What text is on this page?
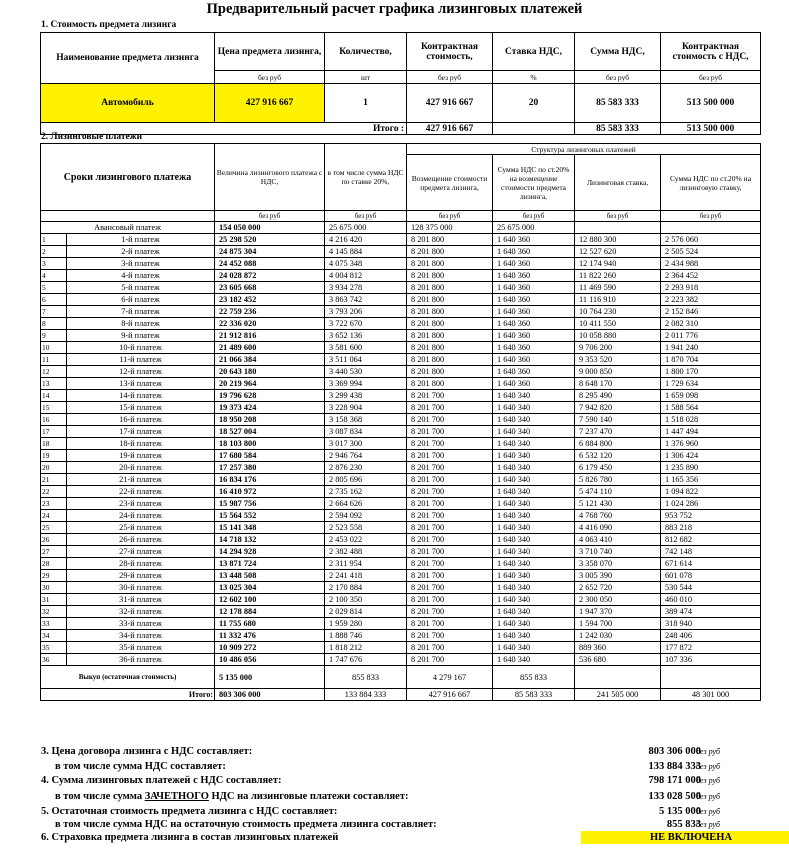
Предварительный расчет графика лизинговых платежей
1. Стоимость предмета лизинга
Наименование предмета лизинга	Цена предмета лизинга,	Количество,	Контрактная стоимость,	Ставка НДС,	Сумма НДС,	Контрактная стоимость с НДС,
	без руб	шт	без руб	%	без руб	без руб
Автомобиль	427 916 667	1	427 916 667	20	85 583 333	513 500 000
Итого :			427 916 667		85 583 333	513 500 000
2. Лизинговые платежи
Сроки лизингового платежа		Величина лизингового платежа с НДС,	в том числе сумма НДС по ставке 20%,	Структура лизинговых платежей			
				Возмещение стоимости предмета лизинга,	Сумма НДС по ст.20% на возмещение стоимости предмета лизинга,	Лизинговая ставка,	Сумма НДС по ст.20% на лизинговую ставку,
		без руб	без руб	без руб	без руб	без руб	без руб
Авансовый платеж		154 050 000	25 675 000	128 375 000	25 675 000		
1	1-й платеж	25 298 520	4 216 420	8 201 800	1 640 360	12 880 300	2 576 060
2	2-й платеж	24 875 304	4 145 884	8 201 800	1 640 360	12 527 620	2 505 524
3	3-й платеж	24 452 088	4 075 348	8 201 800	1 640 360	12 174 940	2 434 988
4	4-й платеж	24 028 872	4 004 812	8 201 800	1 640 360	11 822 260	2 364 452
5	5-й платеж	23 605 668	3 934 278	8 201 800	1 640 360	11 469 590	2 293 918
6	6-й платеж	23 182 452	3 863 742	8 201 800	1 640 360	11 116 910	2 223 382
7	7-й платеж	22 759 236	3 793 206	8 201 800	1 640 360	10 764 230	2 152 846
8	8-й платеж	22 336 020	3 722 670	8 201 800	1 640 360	10 411 550	2 082 310
9	9-й платеж	21 912 816	3 652 136	8 201 800	1 640 360	10 058 880	2 011 776
10	10-й платеж	21 489 600	3 581 600	8 201 800	1 640 360	9 706 200	1 941 240
11	11-й платеж	21 066 384	3 511 064	8 201 800	1 640 360	9 353 520	1 870 704
12	12-й платеж	20 643 180	3 440 530	8 201 800	1 640 360	9 000 850	1 800 170
13	13-й платеж	20 219 964	3 369 994	8 201 800	1 640 360	8 648 170	1 729 634
14	14-й платеж	19 796 628	3 299 438	8 201 700	1 640 340	8 295 490	1 659 098
15	15-й платеж	19 373 424	3 228 904	8 201 700	1 640 340	7 942 820	1 588 564
16	16-й платеж	18 950 208	3 158 368	8 201 700	1 640 340	7 590 140	1 518 028
17	17-й платеж	18 527 004	3 087 834	8 201 700	1 640 340	7 237 470	1 447 494
18	18-й платеж	18 103 800	3 017 300	8 201 700	1 640 340	6 884 800	1 376 960
19	19-й платеж	17 680 584	2 946 764	8 201 700	1 640 340	6 532 120	1 306 424
20	20-й платеж	17 257 380	2 876 230	8 201 700	1 640 340	6 179 450	1 235 890
21	21-й платеж	16 834 176	2 805 696	8 201 700	1 640 340	5 826 780	1 165 356
22	22-й платеж	16 410 972	2 735 162	8 201 700	1 640 340	5 474 110	1 094 822
23	23-й платеж	15 987 756	2 664 626	8 201 700	1 640 340	5 121 430	1 024 286
24	24-й платеж	15 564 552	2 594 092	8 201 700	1 640 340	4 768 760	953 752
25	25-й платеж	15 141 348	2 523 558	8 201 700	1 640 340	4 416 090	883 218
26	26-й платеж	14 718 132	2 453 022	8 201 700	1 640 340	4 063 410	812 682
27	27-й платеж	14 294 928	2 382 488	8 201 700	1 640 340	3 710 740	742 148
28	28-й платеж	13 871 724	2 311 954	8 201 700	1 640 340	3 358 070	671 614
29	29-й платеж	13 448 508	2 241 418	8 201 700	1 640 340	3 005 390	601 078
30	30-й платеж	13 025 304	2 170 884	8 201 700	1 640 340	2 652 720	530 544
31	31-й платеж	12 602 100	2 100 350	8 201 700	1 640 340	2 300 050	460 010
32	32-й платеж	12 178 884	2 029 814	8 201 700	1 640 340	1 947 370	389 474
33	33-й платеж	11 755 680	1 959 280	8 201 700	1 640 340	1 594 700	318 940
34	34-й платеж	11 332 476	1 888 746	8 201 700	1 640 340	1 242 030	248 406
35	35-й платеж	10 909 272	1 818 212	8 201 700	1 640 340	889 360	177 872
36	36-й платеж	10 486 056	1 747 676	8 201 700	1 640 340	536 680	107 336
Выкуп (остаточная стоимость)		5 135 000	855 833	4 279 167	855 833		
Итого:		803 306 000	133 884 333	427 916 667	85 583 333	241 505 000	48 301 000
3. Цена договора лизинга с НДС составляет:	803 306 000
без руб
в том числе сумма НДС составляет:	133 884 333
без руб
4. Сумма лизинговых платежей с НДС составляет:	798 171 000
без руб
в том числе сумма ЗАЧЕТНОГО НДС на лизинговые платежи составляет:	133 028 500
без руб
5. Остаточная стоимость предмета лизинга с НДС составляет:	5 135 000
без руб
в том числе сумма НДС на остаточную стоимость предмета лизинга составляет:	855 833
без руб
6. Страховка предмета лизинга в состав лизинговых платежей	НЕ ВКЛЮЧЕНА
